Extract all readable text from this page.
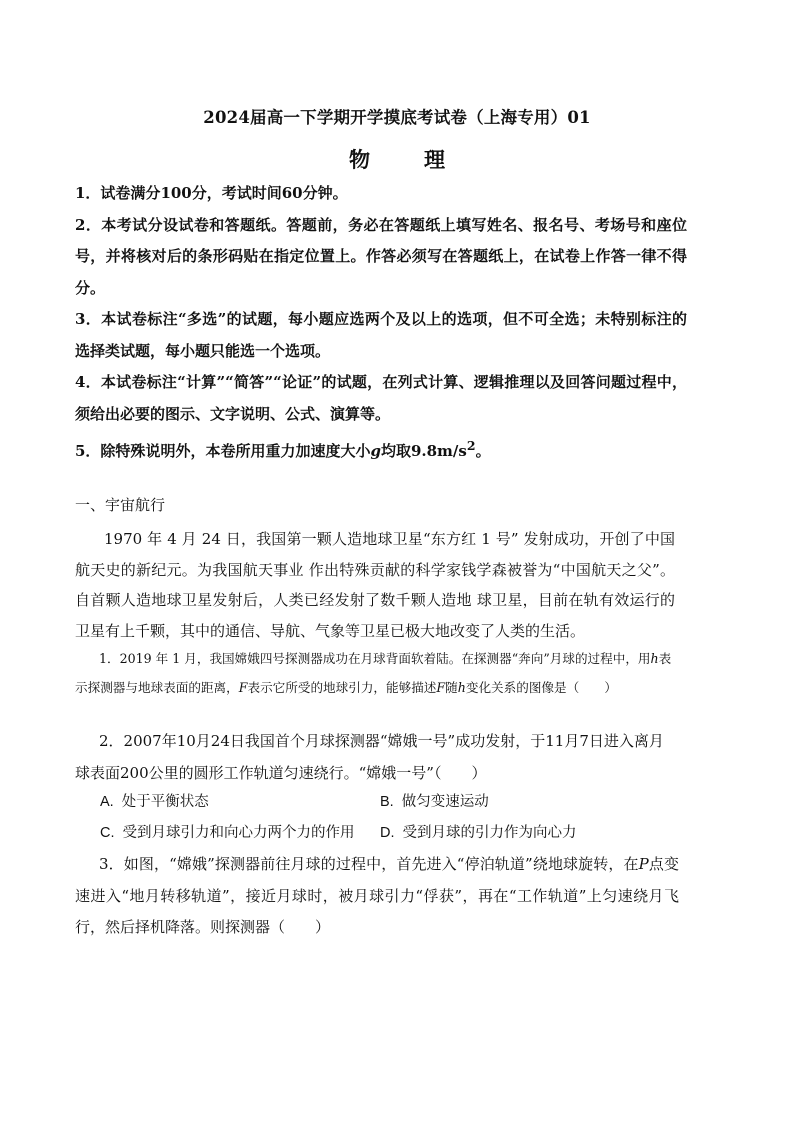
2024届高一下学期开学摸底考试卷（上海专用）01
物	理

1．试卷满分100分，考试时间60分钟。

2．本考试分设试卷和答题纸。答题前，务必在答题纸上填写姓名、报名号、考场号和座位号，并将核对后的条形码贴在指定位置上。作答必须写在答题纸上，在试卷上作答一律不得分。

3．本试卷标注“多选”的试题，每小题应选两个及以上的选项，但不可全选；未特别标注的选择类试题，每小题只能选一个选项。

4．本试卷标注“计算”“简答”“论证”的试题，在列式计算、逻辑推理以及回答问题过程中，须给出必要的图示、文字说明、公式、演算等。

5．除特殊说明外，本卷所用重力加速度大小g均取$9.8m/s^2$。

一、宇宙航行

1970 年 4 月 24 日，我国第一颗人造地球卫星“东方红 1 号” 发射成功，开创了中国航天史的新纪元。为我国航天事业 作出特殊贡献的科学家钱学森被誉为“中国航天之父”。自首颗人造地球卫星发射后，人类已经发射了数千颗人造地 球卫星，目前在轨有效运行的卫星有上千颗，其中的通信、导航、气象等卫星已极大地改变了人类的生活。

1．2019 年 1 月，我国嫦娥四号探测器成功在月球背面软着陆。在探测器“奔向”月球的过程中，用h表示探测器与地球表面的距离，F表示它所受的地球引力，能够描述F随h变化关系的图像是（　　）

2．2007年10月24日我国首个月球探测器“嫦娥一号”成功发射，于11月7日进入离月球表面200公里的圆形工作轨道匀速绕行。“嫦娥一号”（　　）

A. 处于平衡状态	B. 做匀变速运动
C. 受到月球引力和向心力两个力的作用	D. 受到月球的引力作为向心力

3．如图，“嫦娥”探测器前往月球的过程中，首先进入“停泊轨道”绕地球旋转，在P点变速进入“地月转移轨道”，接近月球时，被月球引力“俘获”，再在“工作轨道”上匀速绕月飞行，然后择机降落。则探测器（　　）
